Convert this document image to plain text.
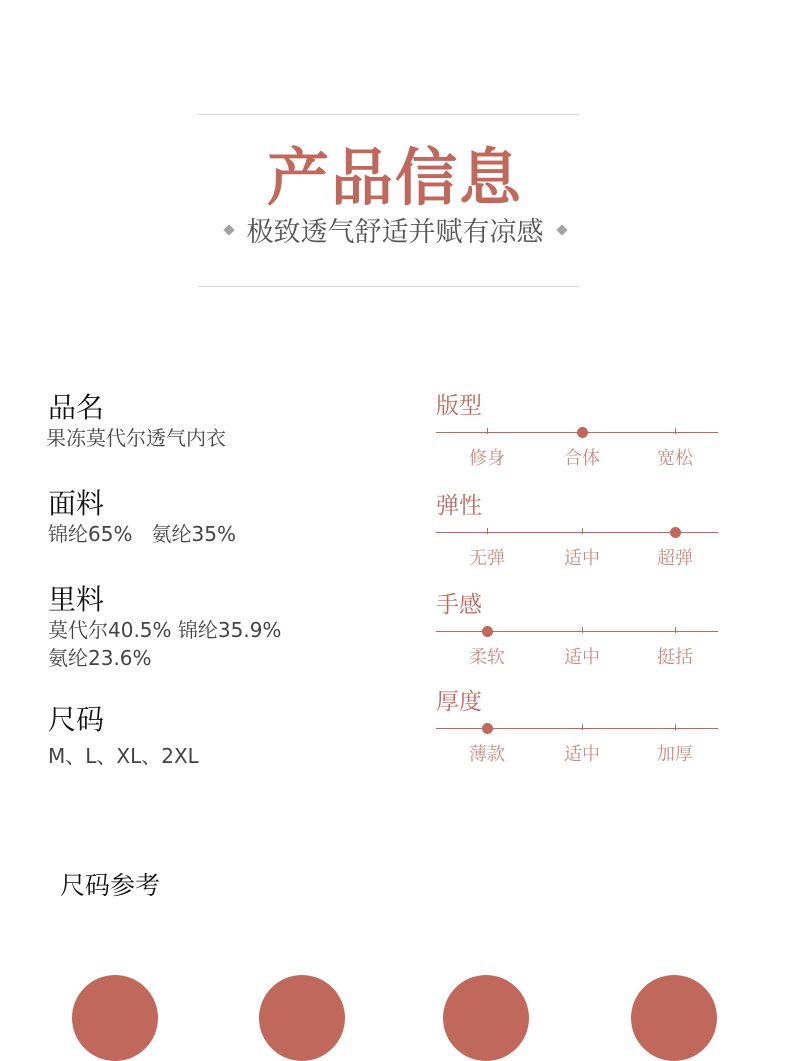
产品信息
极致透气舒适并赋有凉感
品名
果冻莫代尔透气内衣
面料
锦纶65%   氨纶35%
里料
莫代尔40.5% 锦纶35.9%
氨纶23.6%
尺码
M、L、XL、2XL
版型
修身	合体	宽松
弹性
无弹	适中	超弹
手感
柔软	适中	挺括
厚度
薄款	适中	加厚
尺码参考
